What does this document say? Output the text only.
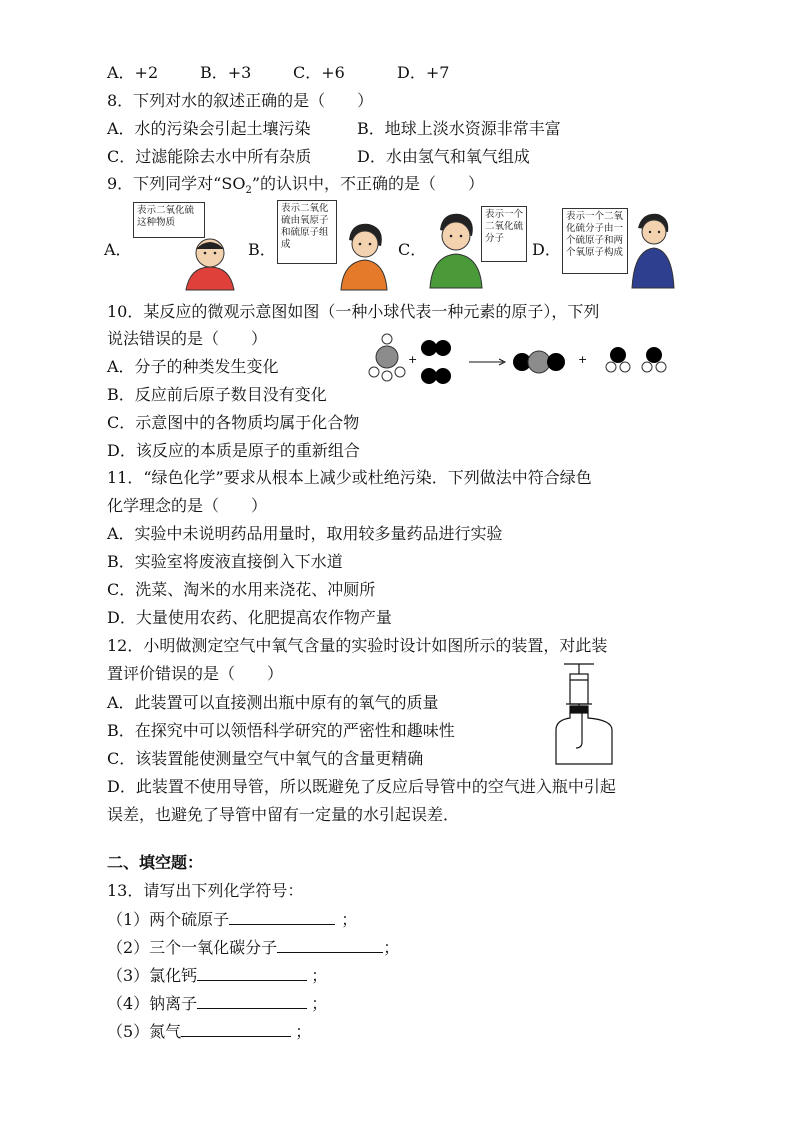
A．+2	B．+3	C．+6	D．+7
8．下列对水的叙述正确的是（　　）
A．水的污染会引起土壤污染	B．地球上淡水资源非常丰富
C．过滤能除去水中所有杂质	D．水由氢气和氧气组成
9．下列同学对“$SO_2$”的认识中，不正确的是（　　）
A．
表示二氧化硫这种物质
B．
表示二氧化硫由氧原子和硫原子组成	C．
表示一个二氧化硫分子
D．
表示一个二氧化硫分子由一个硫原子和两个氧原子构成
10．某反应的微观示意图如图（一种小球代表一种元素的原子），下列
说法错误的是（　　）
A．分子的种类发生变化
B．反应前后原子数目没有变化
C．示意图中的各物质均属于化合物
D．该反应的本质是原子的重新组合
+	+
11．“绿色化学”要求从根本上减少或杜绝污染．下列做法中符合绿色
化学理念的是（　　）
A．实验中未说明药品用量时，取用较多量药品进行实验
B．实验室将废液直接倒入下水道
C．洗菜、淘米的水用来浇花、冲厕所
D．大量使用农药、化肥提高农作物产量
12．小明做测定空气中氧气含量的实验时设计如图所示的装置，对此装
置评价错误的是（　　）
A．此装置可以直接测出瓶中原有的氧气的质量
B．在探究中可以领悟科学研究的严密性和趣味性
C．该装置能使测量空气中氧气的含量更精确
D．此装置不使用导管，所以既避免了反应后导管中的空气进入瓶中引起
误差，也避免了导管中留有一定量的水引起误差．
二、填空题：
13．请写出下列化学符号：
（1）两个硫原子	；
（2）三个一氧化碳分子	；
（3）氯化钙	；
（4）钠离子	；
（5）氮气	；
